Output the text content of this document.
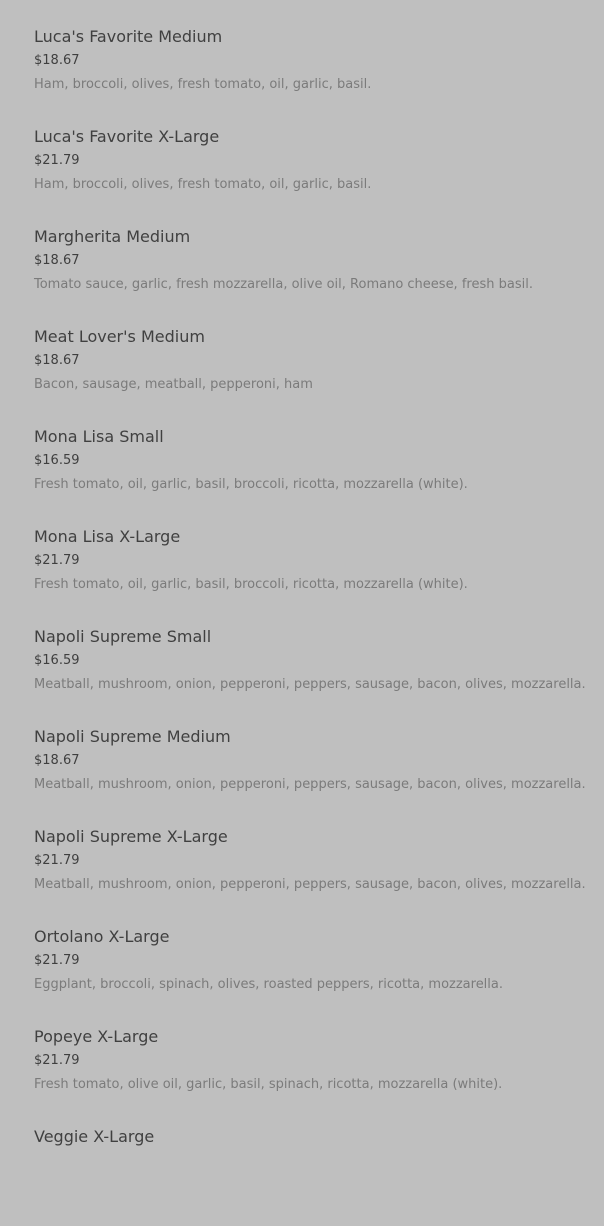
Luca's Favorite Medium
$18.67
Ham, broccoli, olives, fresh tomato, oil, garlic, basil.
Luca's Favorite X-Large
$21.79
Ham, broccoli, olives, fresh tomato, oil, garlic, basil.
Margherita Medium
$18.67
Tomato sauce, garlic, fresh mozzarella, olive oil, Romano cheese, fresh basil.
Meat Lover's Medium
$18.67
Bacon, sausage, meatball, pepperoni, ham
Mona Lisa Small
$16.59
Fresh tomato, oil, garlic, basil, broccoli, ricotta, mozzarella (white).
Mona Lisa X-Large
$21.79
Fresh tomato, oil, garlic, basil, broccoli, ricotta, mozzarella (white).
Napoli Supreme Small
$16.59
Meatball, mushroom, onion, pepperoni, peppers, sausage, bacon, olives, mozzarella.
Napoli Supreme Medium
$18.67
Meatball, mushroom, onion, pepperoni, peppers, sausage, bacon, olives, mozzarella.
Napoli Supreme X-Large
$21.79
Meatball, mushroom, onion, pepperoni, peppers, sausage, bacon, olives, mozzarella.
Ortolano X-Large
$21.79
Eggplant, broccoli, spinach, olives, roasted peppers, ricotta, mozzarella.
Popeye X-Large
$21.79
Fresh tomato, olive oil, garlic, basil, spinach, ricotta, mozzarella (white).
Veggie X-Large
